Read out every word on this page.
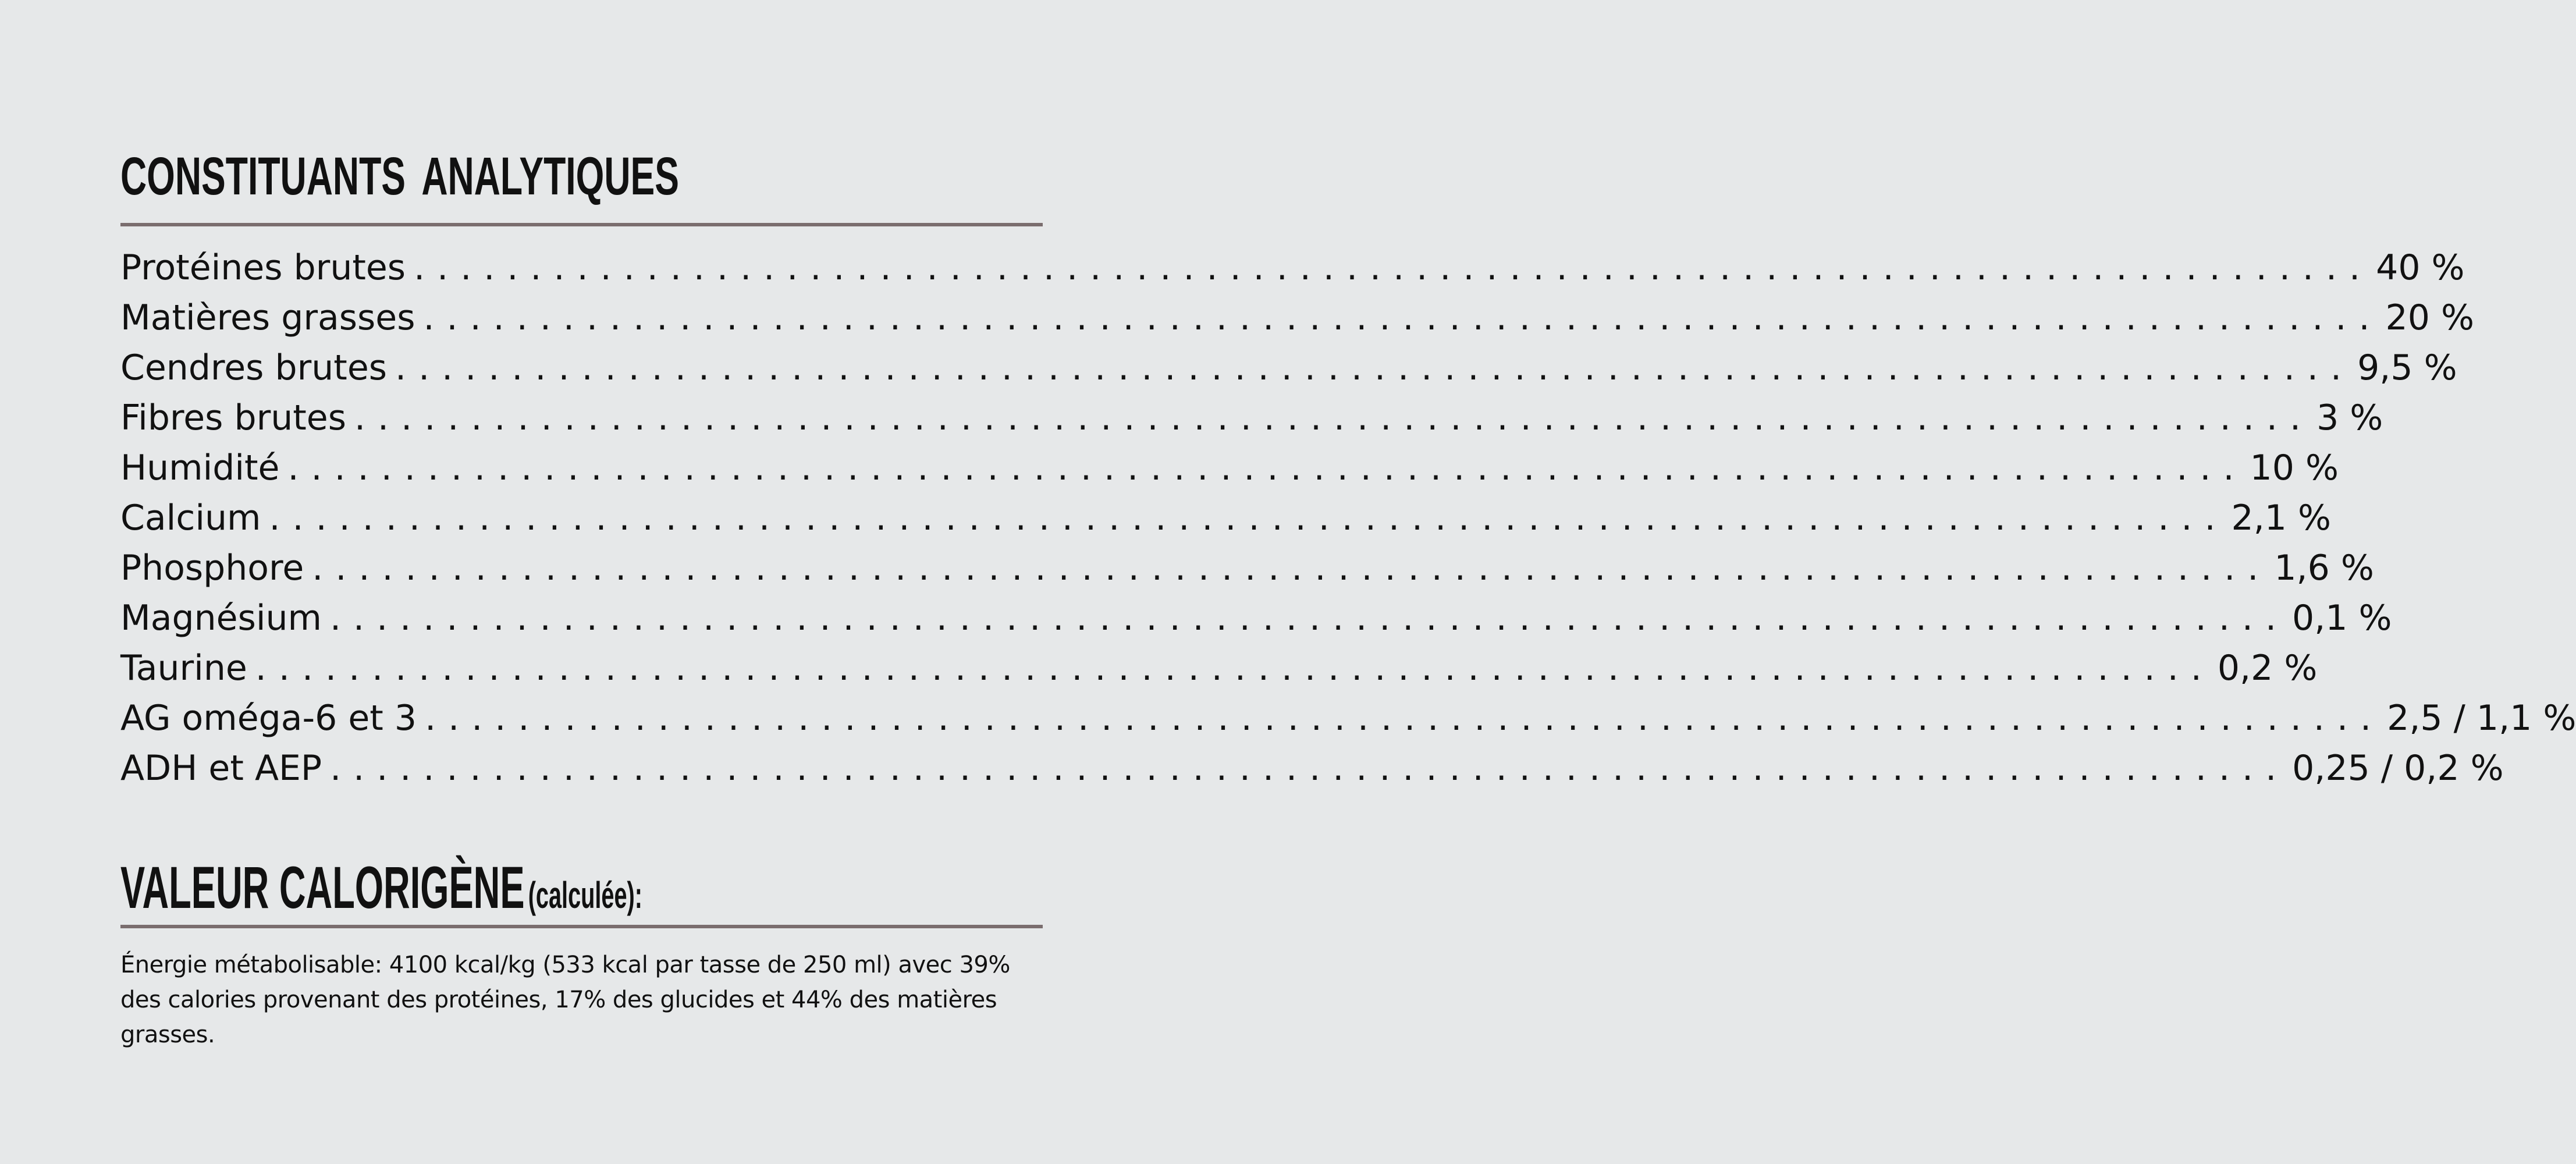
CONSTITUANTS ANALYTIQUES
Protéines brutes .................................................................................... 40 %
Matières grasses .................................................................................... 20 %
Cendres brutes .................................................................................... 9,5 %
Fibres brutes .................................................................................... 3 %
Humidité .................................................................................... 10 %
Calcium .................................................................................... 2,1 %
Phosphore .................................................................................... 1,6 %
Magnésium .................................................................................... 0,1 %
Taurine .................................................................................... 0,2 %
AG oméga-6 et 3 .................................................................................... 2,5 / 1,1 %
ADH et AEP .................................................................................... 0,25 / 0,2 %
VALEUR CALORIGÈNE(calculée):

Énergie métabolisable: 4100 kcal/kg (533 kcal par tasse de 250 ml) avec 39% des calories provenant des protéines, 17% des glucides et 44% des matières grasses.
